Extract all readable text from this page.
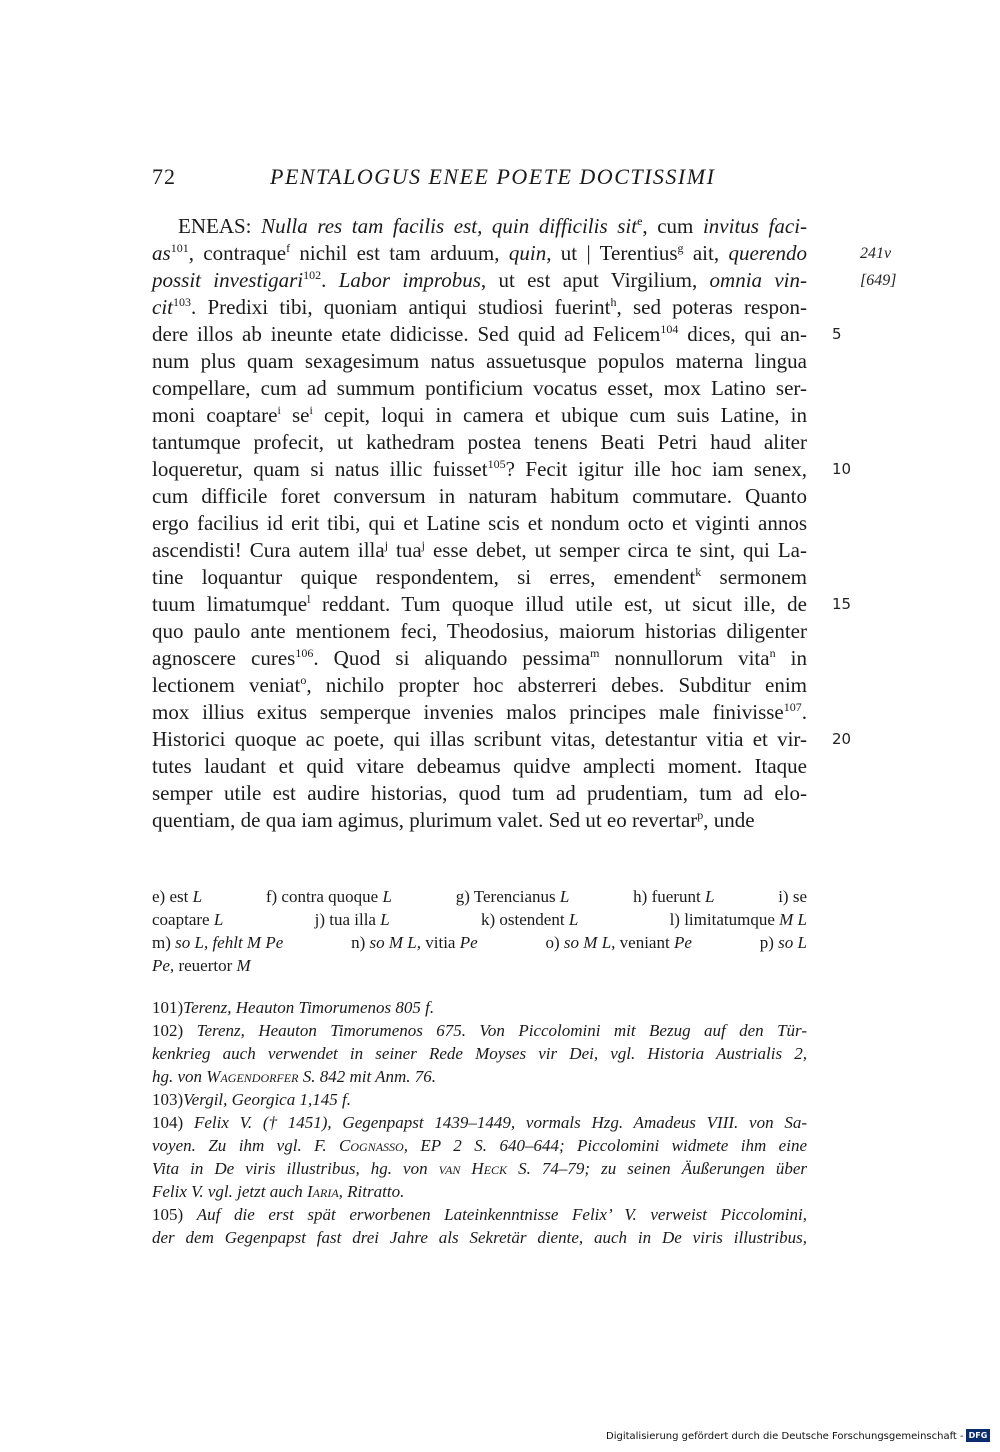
72	PENTALOGUS ENEE POETE DOCTISSIMI
ENEAS: Nulla res tam facilis est, quin difficilis sit$^e$, cum invitus faci-
$as^{101}$, contraque$^f$ nichil est tam arduum, quin, ut | Terentius$^g$ ait, querendo	241v
possit investigari$^{102}$. Labor improbus, ut est aput Virgilium, omnia vin-	[649]
cit$^{103}$. Predixi tibi, quoniam antiqui studiosi fuerint$^h$, sed poteras respon-
dere illos ab ineunte etate didicisse. Sed quid ad Felicem$^{104}$ dices, qui an- 5
num plus quam sexagesimum natus assuetusque populos materna lingua
compellare, cum ad summum pontificium vocatus esset, mox Latino ser-
moni coaptare$^i$ $se^i$ cepit, loqui in camera et ubique cum suis Latine, in
tantumque profecit, ut kathedram postea tenens Beati Petri haud aliter
loqueretur, quam si natus illic fuisset$^{105}$? Fecit igitur ille hoc iam senex, 10
cum difficile foret conversum in naturam habitum commutare. Quanto
ergo facilius id erit tibi, qui et Latine scis et nondum octo et viginti annos
ascendisti! Cura autem illa$^j$ tua$^j$ esse debet, ut semper circa te sint, qui La-
tine loquantur quique respondentem, si erres, emendent$^k$ sermonem
tuum limatumque$^l$ reddant. Tum quoque illud utile est, ut sicut ille, de 15
quo paulo ante mentionem feci, Theodosius, maiorum historias diligenter
agnoscere cures$^{106}$. Quod si aliquando pessima$^m$ nonnullorum vita$^n$ in
lectionem veniat$^o$, nichilo propter hoc absterreri debes. Subditur enim
mox illius exitus semperque invenies malos principes male finivisse$^{107}$.
Historici quoque ac poete, qui illas scribunt vitas, detestantur vitia et vir- 20
tutes laudant et quid vitare debeamus quidve amplecti moment. Itaque
semper utile est audire historias, quod tum ad prudentiam, tum ad elo-
quentiam, de qua iam agimus, plurimum valet. Sed ut eo revertar$^p$, unde
e) est L	f) contra quoque L	g) Terencianus L	h) fuerunt L	i) se
coaptare L	j) tua illa L	k) ostendent L	l) limitatumque M L
m) so L, fehlt M Pe	n) so M L, vitia Pe	o) so M L, veniant Pe	p) so L
Pe, reuertor M
101) Terenz, Heauton Timorumenos 805 f.
102) Terenz, Heauton Timorumenos 675. Von Piccolomini mit Bezug auf den Tür-
kenkrieg auch verwendet in seiner Rede Moyses vir Dei, vgl. Historia Austrialis 2,
hg. von Wagendorfer S. 842 mit Anm. 76.
103) Vergil, Georgica 1,145 f.
104) Felix V. († 1451), Gegenpapst 1439–1449, vormals Hzg. Amadeus VIII. von Sa-
voyen. Zu ihm vgl. F. Cognasso, EP 2 S. 640–644; Piccolomini widmete ihm eine
Vita in De viris illustribus, hg. von van Heck S. 74–79; zu seinen Äußerungen über
Felix V. vgl. jetzt auch Iaria, Ritratto.
105) Auf die erst spät erworbenen Lateinkenntnisse Felix’ V. verweist Piccolomini,
der dem Gegenpapst fast drei Jahre als Sekretär diente, auch in De viris illustribus,
Digitalisierung gefördert durch die Deutsche Forschungsgemeinschaft - DFG
